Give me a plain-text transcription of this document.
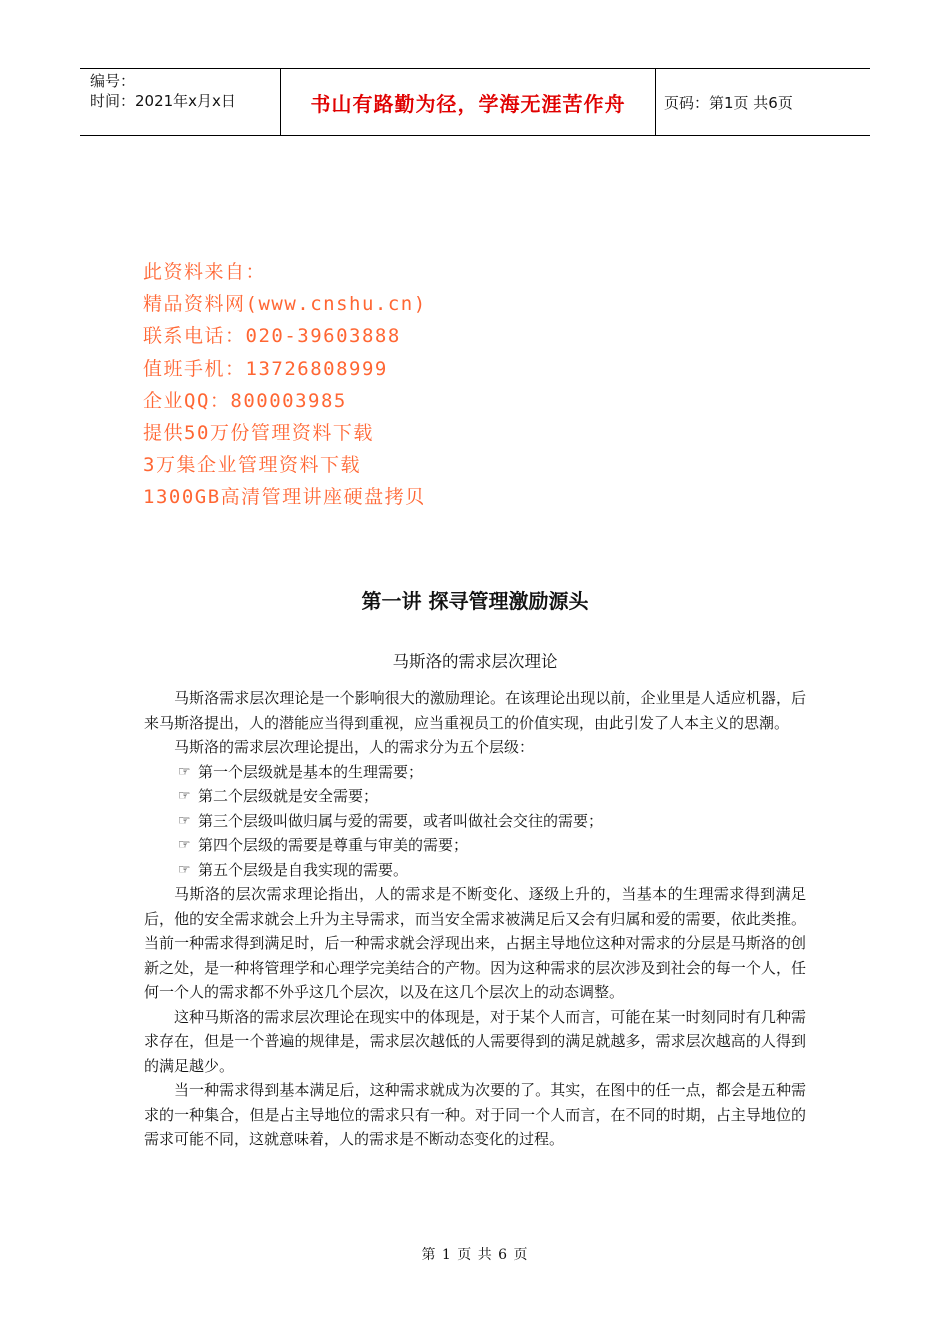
编号：
时间：2021年x月x日	书山有路勤为径，学海无涯苦作舟	页码：第1页 共6页
此资料来自：
精品资料网(www.cnshu.cn)
联系电话：020-39603888
值班手机：13726808999
企业QQ：800003985
提供50万份管理资料下载
3万集企业管理资料下载
1300GB高清管理讲座硬盘拷贝
第一讲 探寻管理激励源头
马斯洛的需求层次理论

马斯洛需求层次理论是一个影响很大的激励理论。在该理论出现以前，企业里是人适应机器，后来马斯洛提出，人的潜能应当得到重视，应当重视员工的价值实现，由此引发了人本主义的思潮。

马斯洛的需求层次理论提出，人的需求分为五个层级：

☞ 第一个层级就是基本的生理需要；

☞ 第二个层级就是安全需要；

☞ 第三个层级叫做归属与爱的需要，或者叫做社会交往的需要；

☞ 第四个层级的需要是尊重与审美的需要；

☞ 第五个层级是自我实现的需要。

马斯洛的层次需求理论指出，人的需求是不断变化、逐级上升的，当基本的生理需求得到满足后，他的安全需求就会上升为主导需求，而当安全需求被满足后又会有归属和爱的需要，依此类推。当前一种需求得到满足时，后一种需求就会浮现出来，占据主导地位这种对需求的分层是马斯洛的创新之处，是一种将管理学和心理学完美结合的产物。因为这种需求的层次涉及到社会的每一个人，任何一个人的需求都不外乎这几个层次，以及在这几个层次上的动态调整。

这种马斯洛的需求层次理论在现实中的体现是，对于某个人而言，可能在某一时刻同时有几种需求存在，但是一个普遍的规律是，需求层次越低的人需要得到的满足就越多，需求层次越高的人得到的满足越少。

当一种需求得到基本满足后，这种需求就成为次要的了。其实，在图中的任一点，都会是五种需求的一种集合，但是占主导地位的需求只有一种。对于同一个人而言，在不同的时期，占主导地位的需求可能不同，这就意味着，人的需求是不断动态变化的过程。

第 1 页 共 6 页
